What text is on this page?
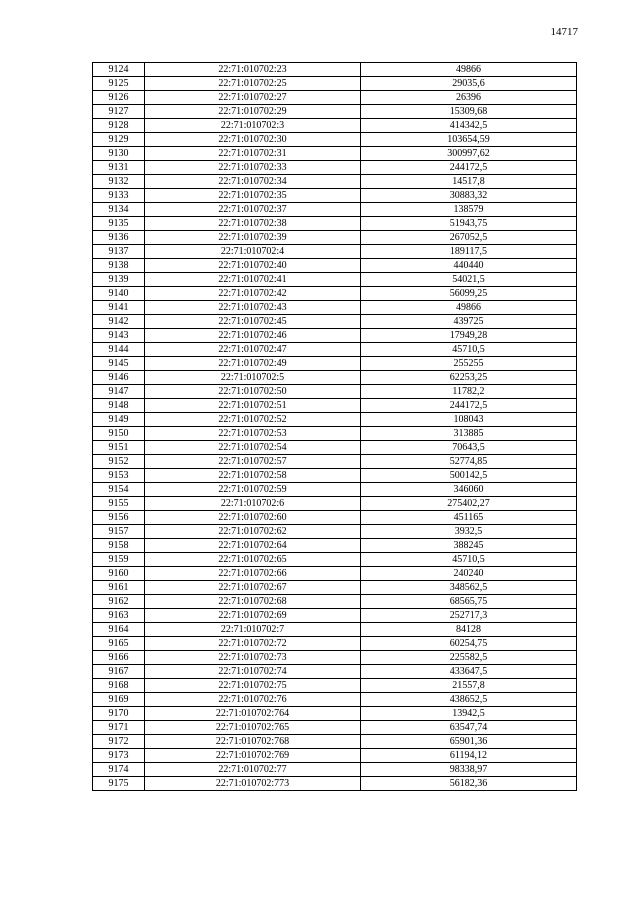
14717
9124	22:71:010702:23	49866
9125	22:71:010702:25	29035,6
9126	22:71:010702:27	26396
9127	22:71:010702:29	15309,68
9128	22:71:010702:3	414342,5
9129	22:71:010702:30	103654,59
9130	22:71:010702:31	300997,62
9131	22:71:010702:33	244172,5
9132	22:71:010702:34	14517,8
9133	22:71:010702:35	30883,32
9134	22:71:010702:37	138579
9135	22:71:010702:38	51943,75
9136	22:71:010702:39	267052,5
9137	22:71:010702:4	189117,5
9138	22:71:010702:40	440440
9139	22:71:010702:41	54021,5
9140	22:71:010702:42	56099,25
9141	22:71:010702:43	49866
9142	22:71:010702:45	439725
9143	22:71:010702:46	17949,28
9144	22:71:010702:47	45710,5
9145	22:71:010702:49	255255
9146	22:71:010702:5	62253,25
9147	22:71:010702:50	11782,2
9148	22:71:010702:51	244172,5
9149	22:71:010702:52	108043
9150	22:71:010702:53	313885
9151	22:71:010702:54	70643,5
9152	22:71:010702:57	52774,85
9153	22:71:010702:58	500142,5
9154	22:71:010702:59	346060
9155	22:71:010702:6	275402,27
9156	22:71:010702:60	451165
9157	22:71:010702:62	3932,5
9158	22:71:010702:64	388245
9159	22:71:010702:65	45710,5
9160	22:71:010702:66	240240
9161	22:71:010702:67	348562,5
9162	22:71:010702:68	68565,75
9163	22:71:010702:69	252717,3
9164	22:71:010702:7	84128
9165	22:71:010702:72	60254,75
9166	22:71:010702:73	225582,5
9167	22:71:010702:74	433647,5
9168	22:71:010702:75	21557,8
9169	22:71:010702:76	438652,5
9170	22:71:010702:764	13942,5
9171	22:71:010702:765	63547,74
9172	22:71:010702:768	65901,36
9173	22:71:010702:769	61194,12
9174	22:71:010702:77	98338,97
9175	22:71:010702:773	56182,36
